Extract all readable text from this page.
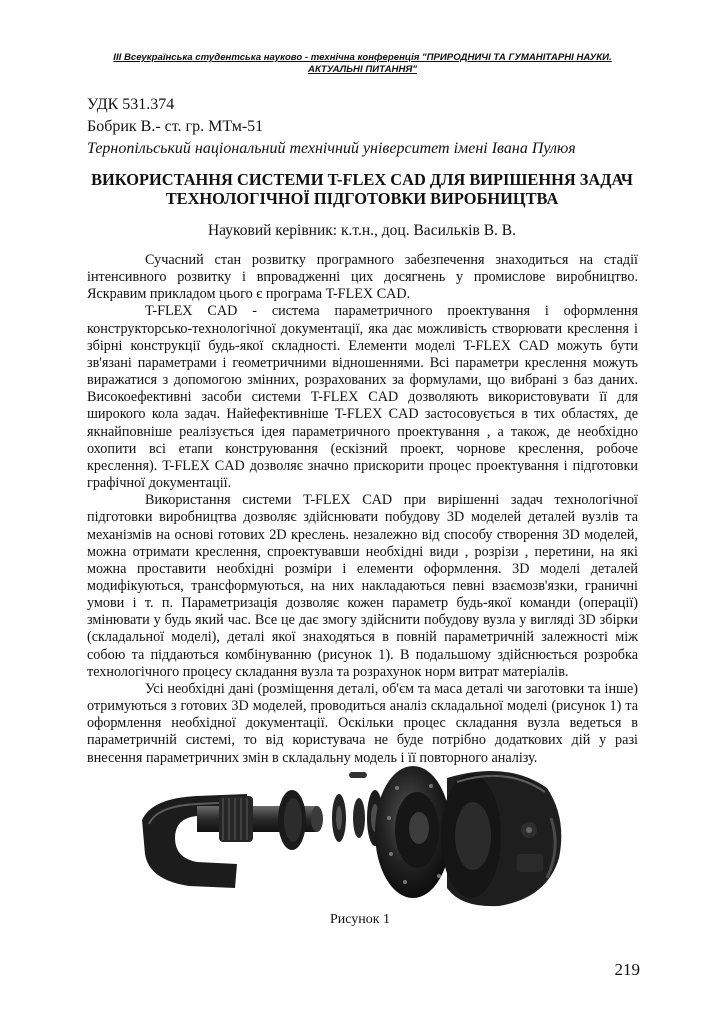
III Всеукраїнська студентська науково - технічна конференція "ПРИРОДНИЧІ ТА ГУМАНІТАРНІ НАУКИ.
АКТУАЛЬНІ ПИТАННЯ"
УДК 531.374
Бобрик В.- ст. гр. МТм-51
Тернопільський національний технічний університет імені Івана Пулюя
ВИКОРИСТАННЯ СИСТЕМИ T-FLEX CAD ДЛЯ ВИРІШЕННЯ ЗАДАЧ
ТЕХНОЛОГІЧНОЇ ПІДГОТОВКИ ВИРОБНИЦТВА
Науковий керівник: к.т.н., доц. Васильків В. В.

Сучасний стан розвитку програмного забезпечення знаходиться на стадії інтенсивного розвитку і впровадженні цих досягнень у промислове виробництво. Яскравим прикладом цього є програма T-FLEX CAD.

T-FLEX CAD - система параметричного проектування і оформлення конструкторсько-технологічної документації, яка дає можливість створювати креслення і збірні конструкції будь-якої складності. Елементи моделі T-FLEX CAD можуть бути зв'язані параметрами і геометричними відношеннями. Всі параметри креслення можуть виражатися з допомогою змінних, розрахованих за формулами, що вибрані з баз даних. Високоефективні засоби системи T-FLEX CAD дозволяють використовувати її для широкого кола задач. Найефективніше T-FLEX CAD застосовується в тих областях, де якнайповніше реалізується ідея параметричного проектування , а також, де необхідно охопити всі етапи конструювання (ескізний проект, чорнове креслення, робоче креслення). T-FLEX CAD дозволяє значно прискорити процес проектування і підготовки графічної документації.

Використання системи T-FLEX CAD при вирішенні задач технологічної підготовки виробництва дозволяє здійснювати побудову 3D моделей деталей вузлів та механізмів на основі готових 2D креслень. незалежно від способу створення 3D моделей, можна отримати креслення, спроектувавши необхідні види , розрізи , перетини, на які можна проставити необхідні розміри і елементи оформлення. 3D моделі деталей модифікуються, трансформуються, на них накладаються певні взаємозв'язки, граничні умови і т. п. Параметризація дозволяє кожен параметр будь-якої команди (операції) змінювати у будь який час. Все це дає змогу здійснити побудову вузла у вигляді 3D збірки (складальної моделі), деталі якої знаходяться в повній параметричній залежності між собою та піддаються комбінуванню (рисунок 1). В подальшому здійснюється розробка технологічного процесу складання вузла та розрахунок норм витрат матеріалів.

Усі необхідні дані (розміщення деталі, об'єм та маса деталі чи заготовки та інше) отримуються з готових 3D моделей, проводиться аналіз складальної моделі (рисунок 1) та оформлення необхідної документації. Оскільки процес складання вузла ведеться в параметричній системі, то від користувача не буде потрібно додаткових дій у разі внесення параметричних змін в складальну модель і її повторного аналізу.

Рисунок 1
219
